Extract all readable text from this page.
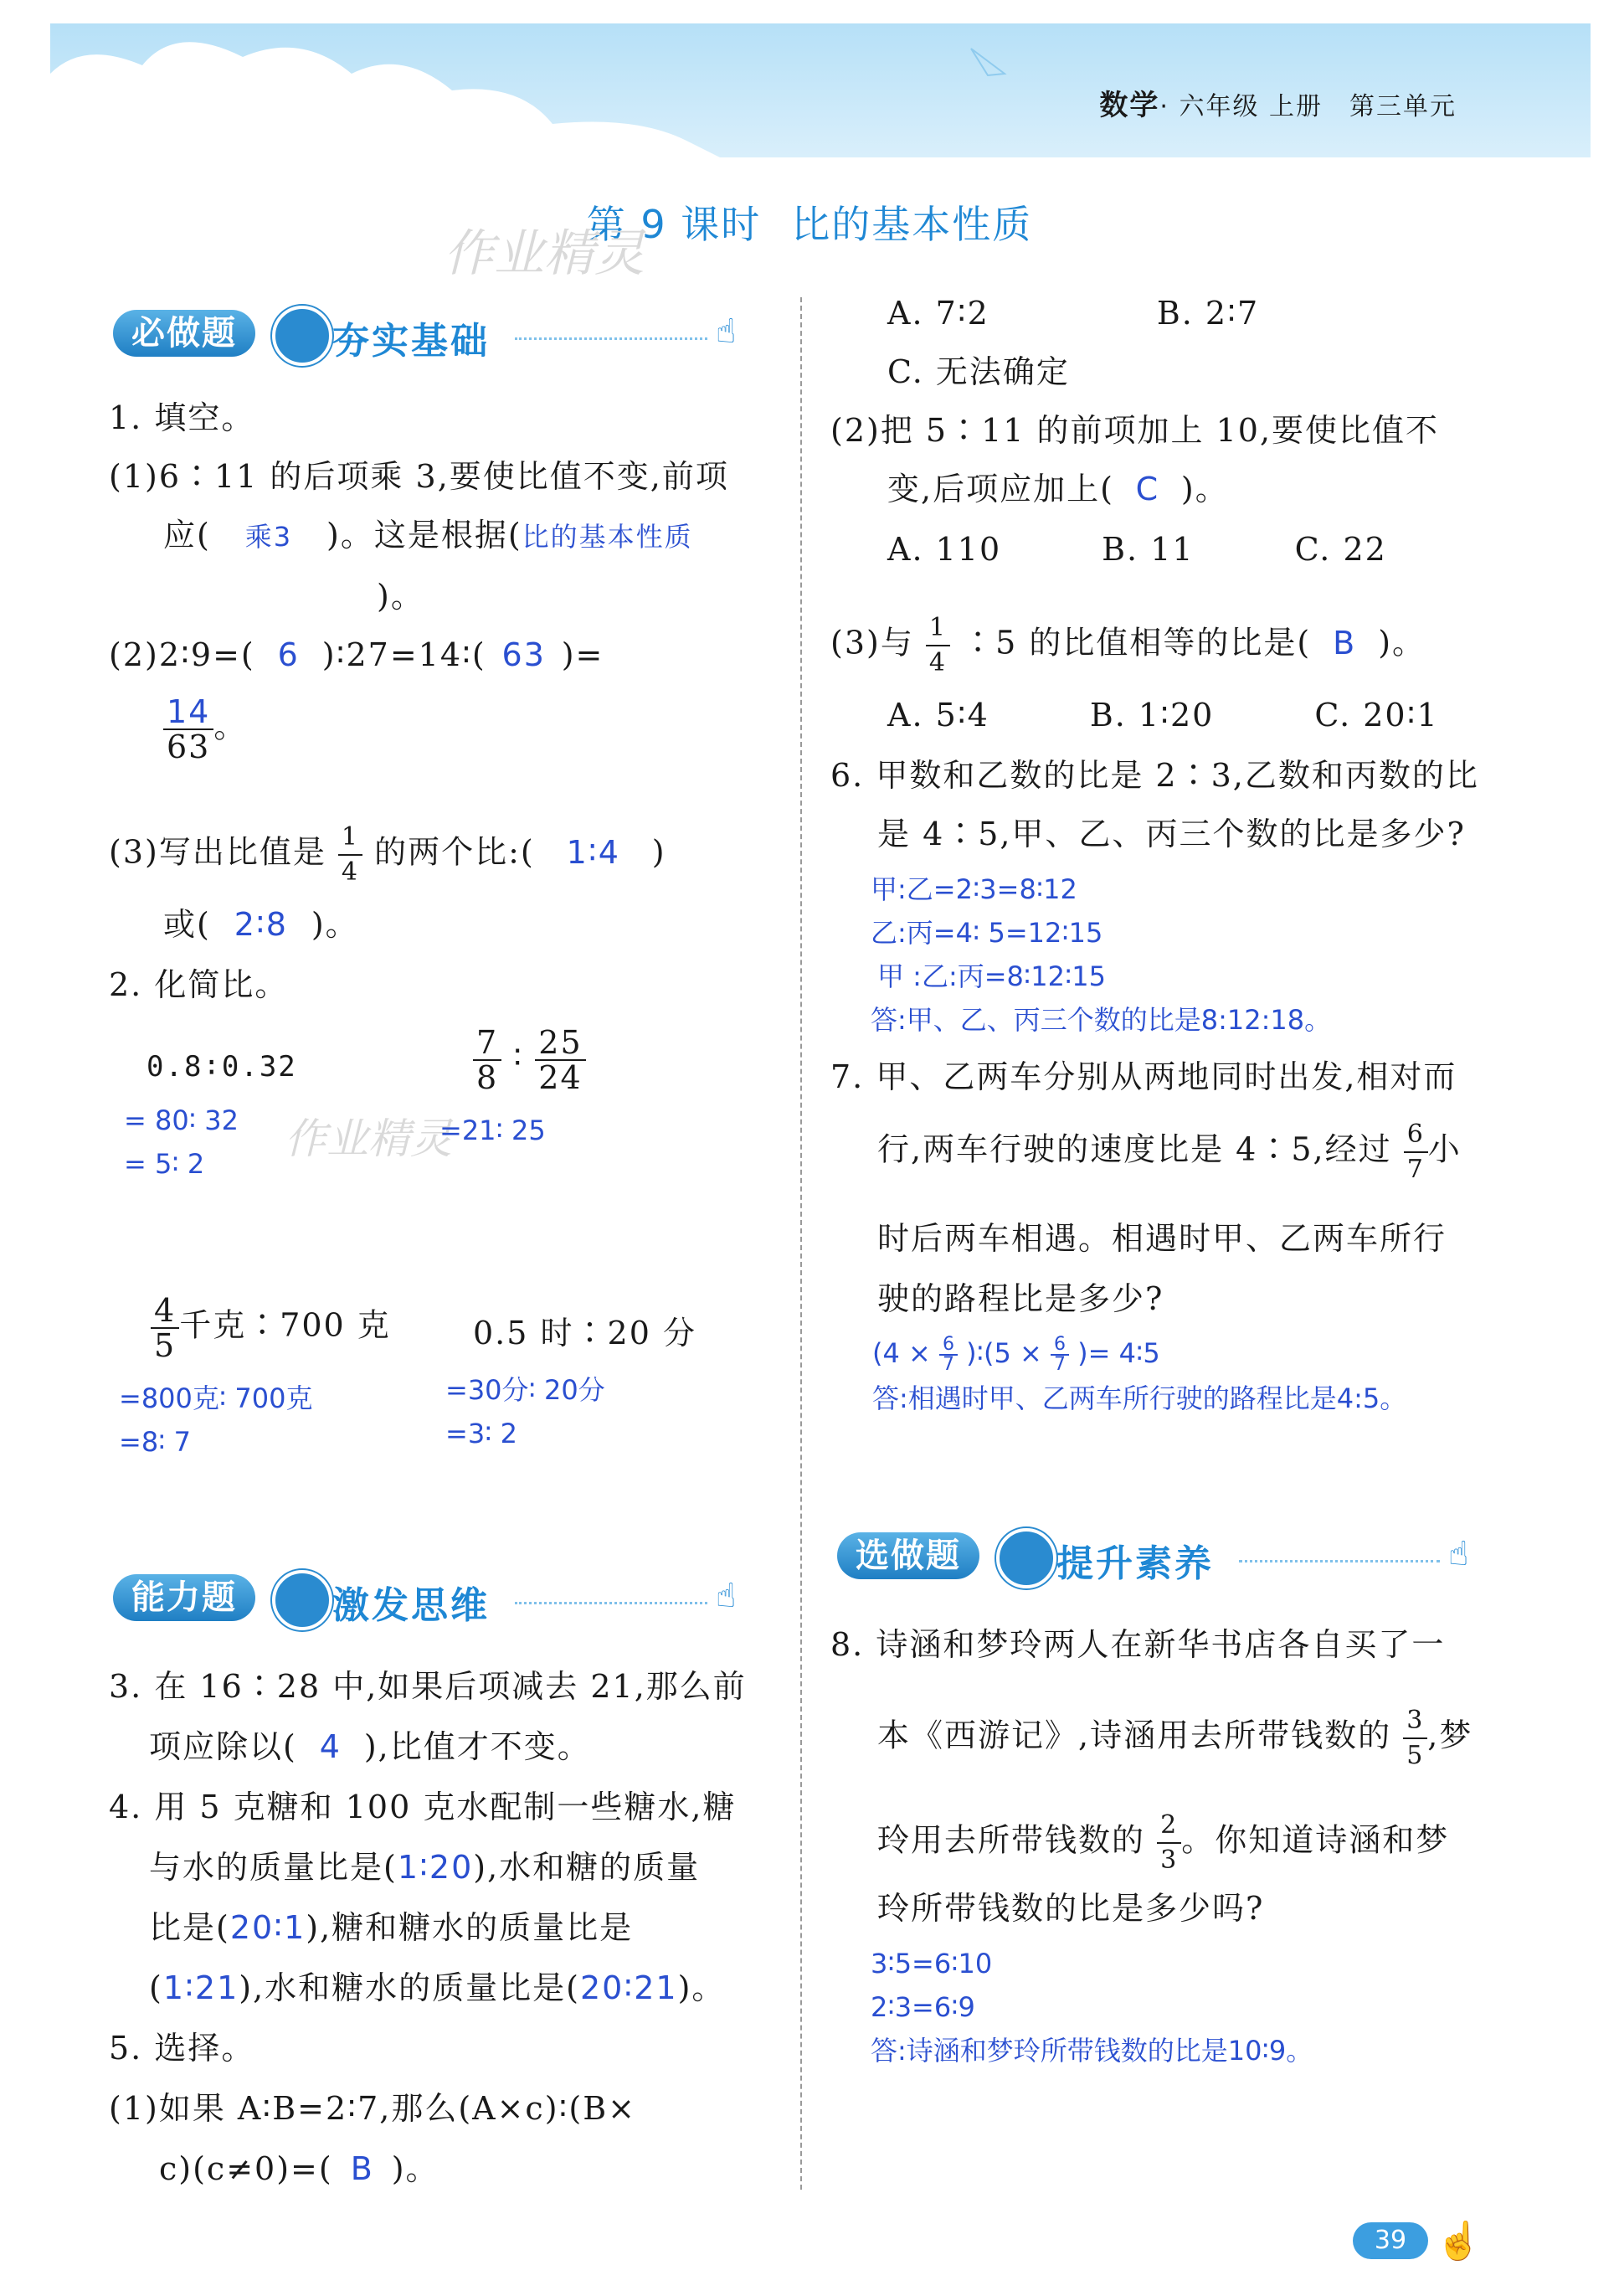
数学· 六年级 上册　 第三单元
第 9 课时 比的基本性质
作业精灵
作业精灵
必做题	夯实基础	☝
1. 填空。
(1)6∶11 的后项乘 3,要使比值不变,前项
应( 乘3 )。这是根据(比的基本性质
)。
(2)2∶9=( 6 )∶27=14∶( 63 )=
$\frac{14}{63}$ 。
(3)写出比值是 $\frac{1}{4}$ 的两个比:( 1∶4 )
或( 2∶8 )。
2. 化简比。
0.8∶0.32
= 80∶ 32
= 5∶ 2
$\frac{7}{8}$ ∶ $\frac{25}{24}$
=21∶ 25
$\frac{4}{5}$ 千克∶700 克
=800克∶ 700克
=8∶ 7
0.5 时∶20 分
=30分∶ 20分
=3∶ 2
能力题	激发思维	☝
3. 在 16∶28 中,如果后项减去 21,那么前
项应除以( 4 ),比值才不变。
4. 用 5 克糖和 100 克水配制一些糖水,糖
与水的质量比是(1∶20),水和糖的质量
比是(20∶1),糖和糖水的质量比是
(1∶21),水和糖水的质量比是(20∶21)。
5. 选择。
(1)如果 A∶B=2∶7,那么(A×c)∶(B×
c)(c≠0)=( B )。
A. 7∶2　　　　　B. 2∶7
C. 无法确定
(2)把 5∶11 的前项加上 10,要使比值不
变,后项应加上( C )。
A. 110　　　B. 11　　　C. 22
(3)与 $\frac{1}{4}$ ∶5 的比值相等的比是( B )。
A. 5∶4　　　B. 1∶20　　　C. 20∶1
6. 甲数和乙数的比是 2∶3,乙数和丙数的比
是 4∶5,甲、乙、丙三个数的比是多少?
甲:乙=2∶3=8∶12
乙:丙=4∶ 5=12∶15
甲 :乙:丙=8∶12∶15
答:甲、乙、丙三个数的比是8:12:18。
7. 甲、乙两车分别从两地同时出发,相对而
行,两车行驶的速度比是 4∶5,经过 $\frac{6}{7}$ 小
时后两车相遇。相遇时甲、乙两车所行
驶的路程比是多少?
($4 \times \frac{6}{7}$ )∶(5 × $\frac{6}{7}$ )= 4∶5
答:相遇时甲、乙两车所行驶的路程比是4:5。
选做题	提升素养	☝
8. 诗涵和梦玲两人在新华书店各自买了一
本《西游记》,诗涵用去所带钱数的 $\frac{3}{5}$ ,梦
玲用去所带钱数的 $\frac{2}{3}$ 。你知道诗涵和梦
玲所带钱数的比是多少吗?
3∶5=6∶10
2∶3=6∶9
答:诗涵和梦玲所带钱数的比是10∶9。
39 ☝
